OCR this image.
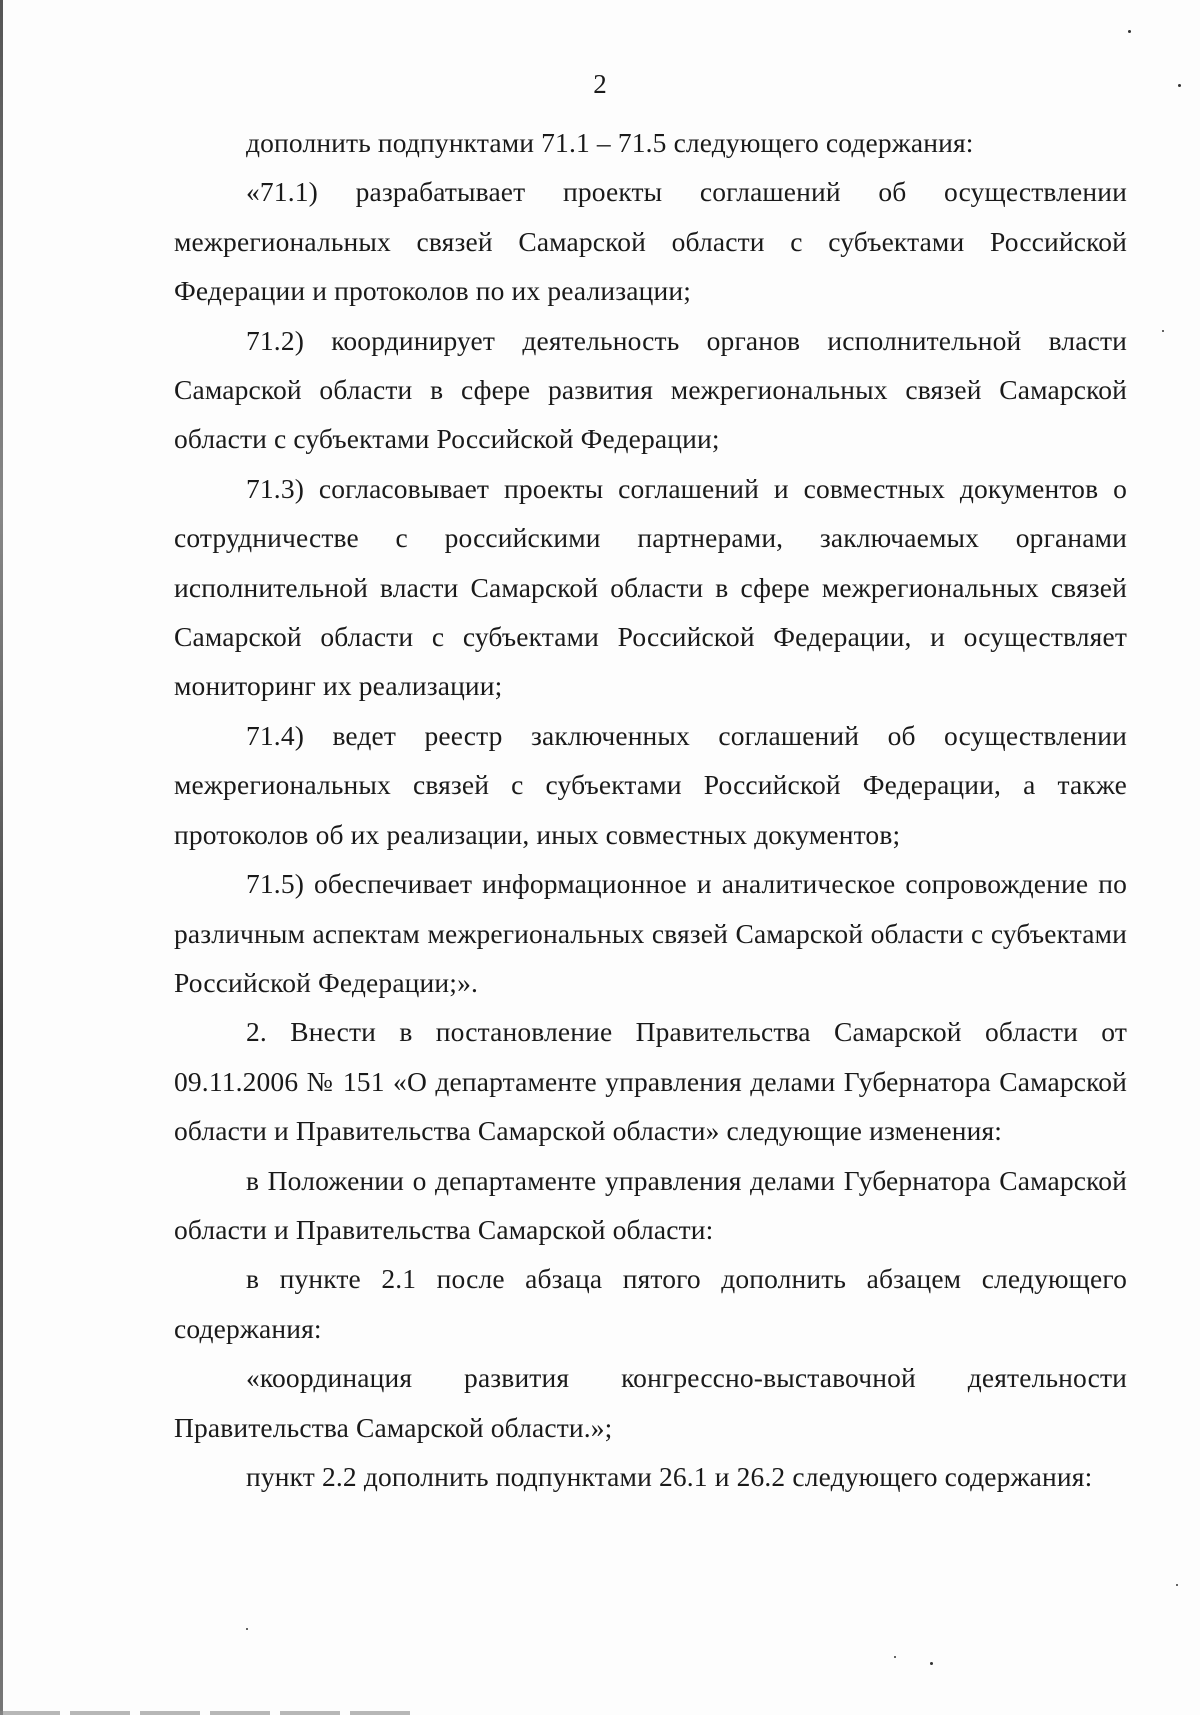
2

дополнить подпунктами 71.1 – 71.5 следующего содержания:

«71.1) разрабатывает проекты соглашений об осуществлении межрегиональных связей Самарской области с субъектами Российской Федерации и протоколов по их реализации;

71.2) координирует деятельность органов исполнительной власти Самарской области в сфере развития межрегиональных связей Самарской области с субъектами Российской Федерации;

71.3) согласовывает проекты соглашений и совместных документов о сотрудничестве с российскими партнерами, заключаемых органами исполнительной власти Самарской области в сфере межрегиональных связей Самарской области с субъектами Российской Федерации, и осуществляет мониторинг их реализации;

71.4) ведет реестр заключенных соглашений об осуществлении межрегиональных связей с субъектами Российской Федерации, а также протоколов об их реализации, иных совместных документов;

71.5) обеспечивает информационное и аналитическое сопровождение по различным аспектам межрегиональных связей Самарской области с субъектами Российской Федерации;».

2. Внести в постановление Правительства Самарской области от 09.11.2006 № 151 «О департаменте управления делами Губернатора Самарской области и Правительства Самарской области» следующие изменения:

в Положении о департаменте управления делами Губернатора Самарской области и Правительства Самарской области:

в пункте 2.1 после абзаца пятого дополнить абзацем следующего содержания:

«координация развития конгрессно-выставочной деятельности Правительства Самарской области.»;

пункт 2.2 дополнить подпунктами 26.1 и 26.2 следующего содержания:
